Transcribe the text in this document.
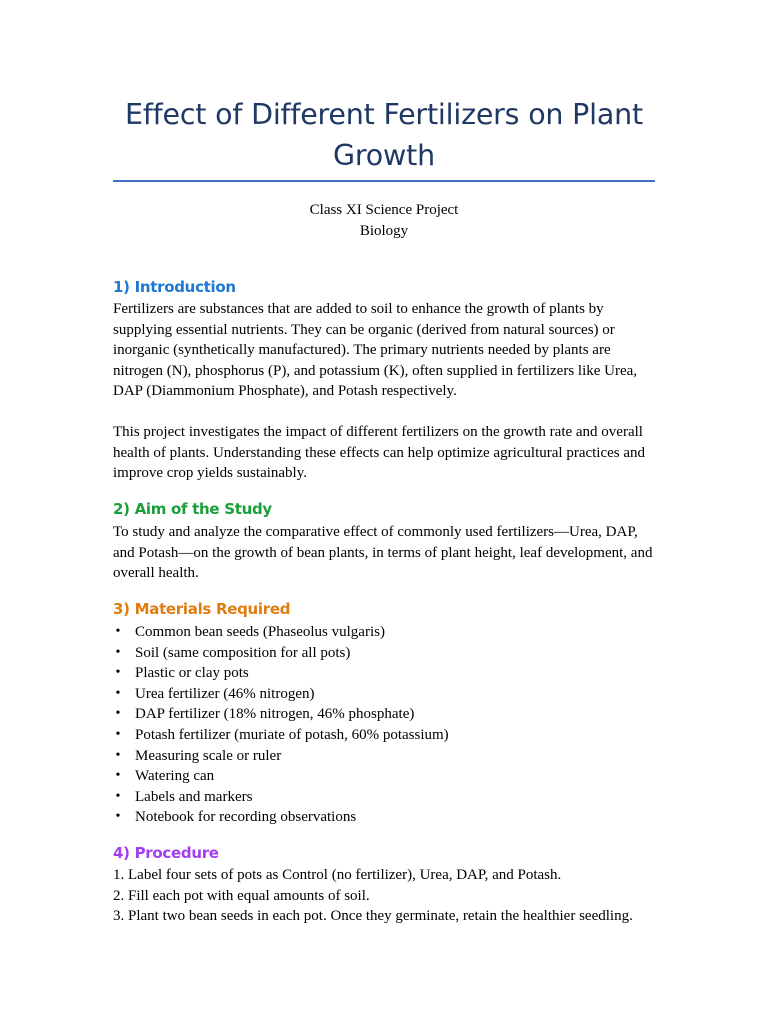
Effect of Different Fertilizers on Plant Growth
Class XI Science Project
Biology
1) Introduction

Fertilizers are substances that are added to soil to enhance the growth of plants by supplying essential nutrients. They can be organic (derived from natural sources) or inorganic (synthetically manufactured). The primary nutrients needed by plants are nitrogen (N), phosphorus (P), and potassium (K), often supplied in fertilizers like Urea, DAP (Diammonium Phosphate), and Potash respectively.

This project investigates the impact of different fertilizers on the growth rate and overall health of plants. Understanding these effects can help optimize agricultural practices and improve crop yields sustainably.

2) Aim of the Study

To study and analyze the comparative effect of commonly used fertilizers—Urea, DAP, and Potash—on the growth of bean plants, in terms of plant height, leaf development, and overall health.

3) Materials Required
• Common bean seeds (Phaseolus vulgaris)
• Soil (same composition for all pots)
• Plastic or clay pots
• Urea fertilizer (46% nitrogen)
• DAP fertilizer (18% nitrogen, 46% phosphate)
• Potash fertilizer (muriate of potash, 60% potassium)
• Measuring scale or ruler
• Watering can
• Labels and markers
• Notebook for recording observations
4) Procedure
1. Label four sets of pots as Control (no fertilizer), Urea, DAP, and Potash.
2. Fill each pot with equal amounts of soil.
3. Plant two bean seeds in each pot. Once they germinate, retain the healthier seedling.
